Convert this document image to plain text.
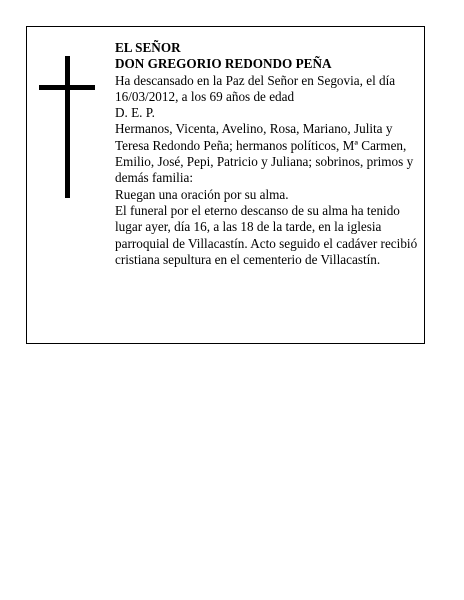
EL SEÑOR

DON GREGORIO REDONDO PEÑA

Ha descansado en la Paz del Señor en Segovia, el día 16/03/2012, a los 69 años de edad

D. E. P.

Hermanos, Vicenta, Avelino, Rosa, Mariano, Julita y Teresa Redondo Peña; hermanos políticos, Mª Carmen, Emilio, José, Pepi, Patricio y Juliana; sobrinos, primos y demás familia:

Ruegan una oración por su alma.

El funeral por el eterno descanso de su alma ha tenido lugar ayer, día 16, a las 18 de la tarde, en la iglesia parroquial de Villacastín. Acto seguido el cadáver recibió cristiana sepultura en el cementerio de Villacastín.
